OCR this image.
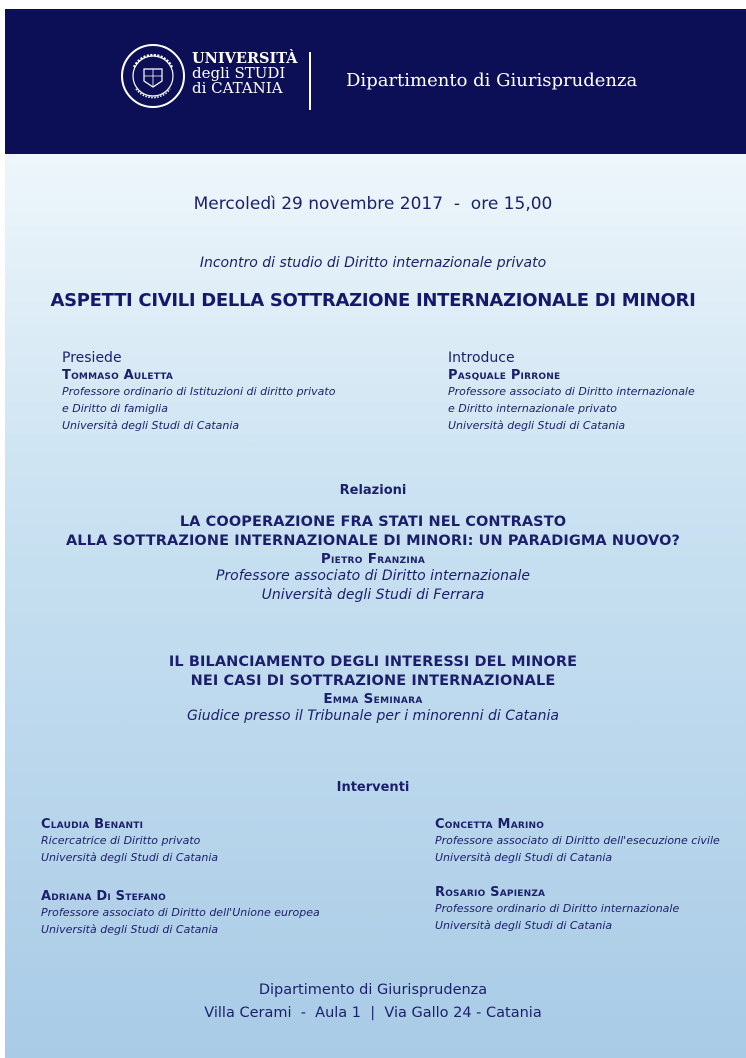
UNIVERSITÀ
degli STUDI
di CATANIA	Dipartimento di Giurisprudenza
Mercoledì 29 novembre 2017  -  ore 15,00
Incontro di studio di Diritto internazionale privato
ASPETTI CIVILI DELLA SOTTRAZIONE INTERNAZIONALE DI MINORI
Presiede
Tommaso Auletta
Professore ordinario di Istituzioni di diritto privato
e Diritto di famiglia
Università degli Studi di Catania
Introduce
Pasquale Pirrone
Professore associato di Diritto internazionale
e Diritto internazionale privato
Università degli Studi di Catania
Relazioni
LA COOPERAZIONE FRA STATI NEL CONTRASTO
ALLA SOTTRAZIONE INTERNAZIONALE DI MINORI: UN PARADIGMA NUOVO?
Pietro Franzina
Professore associato di Diritto internazionale
Università degli Studi di Ferrara
IL BILANCIAMENTO DEGLI INTERESSI DEL MINORE
NEI CASI DI SOTTRAZIONE INTERNAZIONALE
Emma Seminara
Giudice presso il Tribunale per i minorenni di Catania
Interventi
Claudia Benanti
Ricercatrice di Diritto privato
Università degli Studi di Catania
Concetta Marino
Professore associato di Diritto dell'esecuzione civile
Università degli Studi di Catania
Adriana Di Stefano
Professore associato di Diritto dell'Unione europea
Università degli Studi di Catania
Rosario Sapienza
Professore ordinario di Diritto internazionale
Università degli Studi di Catania
Dipartimento di Giurisprudenza
Villa Cerami  -  Aula 1  |  Via Gallo 24 - Catania
